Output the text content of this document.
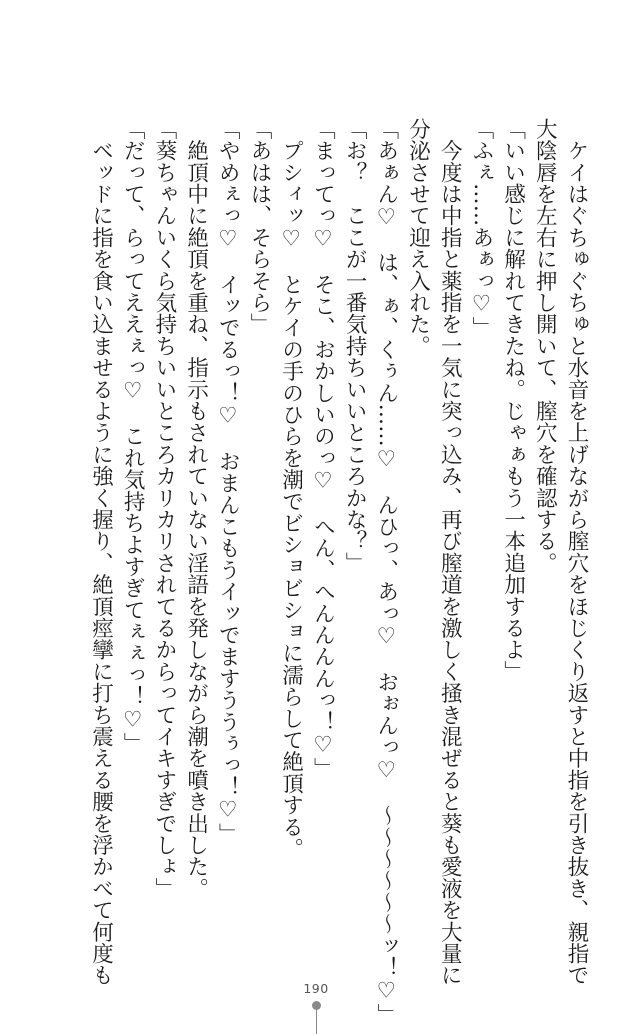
　ケイはぐちゅぐちゅと水音を上げながら膣穴をほじくり返すと中指を引き抜き、親指で
大陰唇を左右に押し開いて、膣穴を確認する。
「いい感じに解れてきたね。じゃぁもう一本追加するよ」
「ふぇ……あぁっ♡」
　今度は中指と薬指を一気に突っ込み、再び膣道を激しく掻き混ぜると葵も愛液を大量に
分泌させて迎え入れた。
「あぁん♡　は、ぁ、くぅん……♡　んひっ、あっ♡　おぉんっ♡　〜〜〜〜〜〜ッ！♡」
「お？　ここが一番気持ちいいところかな？」
「まってっ♡　そこ、おかしいのっ♡　へん、へんんんんっ！♡」
　プシィッ♡　とケイの手のひらを潮でビショビショに濡らして絶頂する。
「あはは、そらそら」
「やめぇっ♡　イッでるっ！♡　おまんこもうイッでますううぅっ！♡」
　絶頂中に絶頂を重ね、指示もされていない淫語を発しながら潮を噴き出した。
「葵ちゃんいくら気持ちいいところカリカリされてるからってイキすぎでしょ」
「だって、らってええぇっ♡　これ気持ちよすぎてぇぇっ！♡」
　ベッドに指を食い込ませるように強く握り、絶頂痙攣に打ち震える腰を浮かべて何度も
190
